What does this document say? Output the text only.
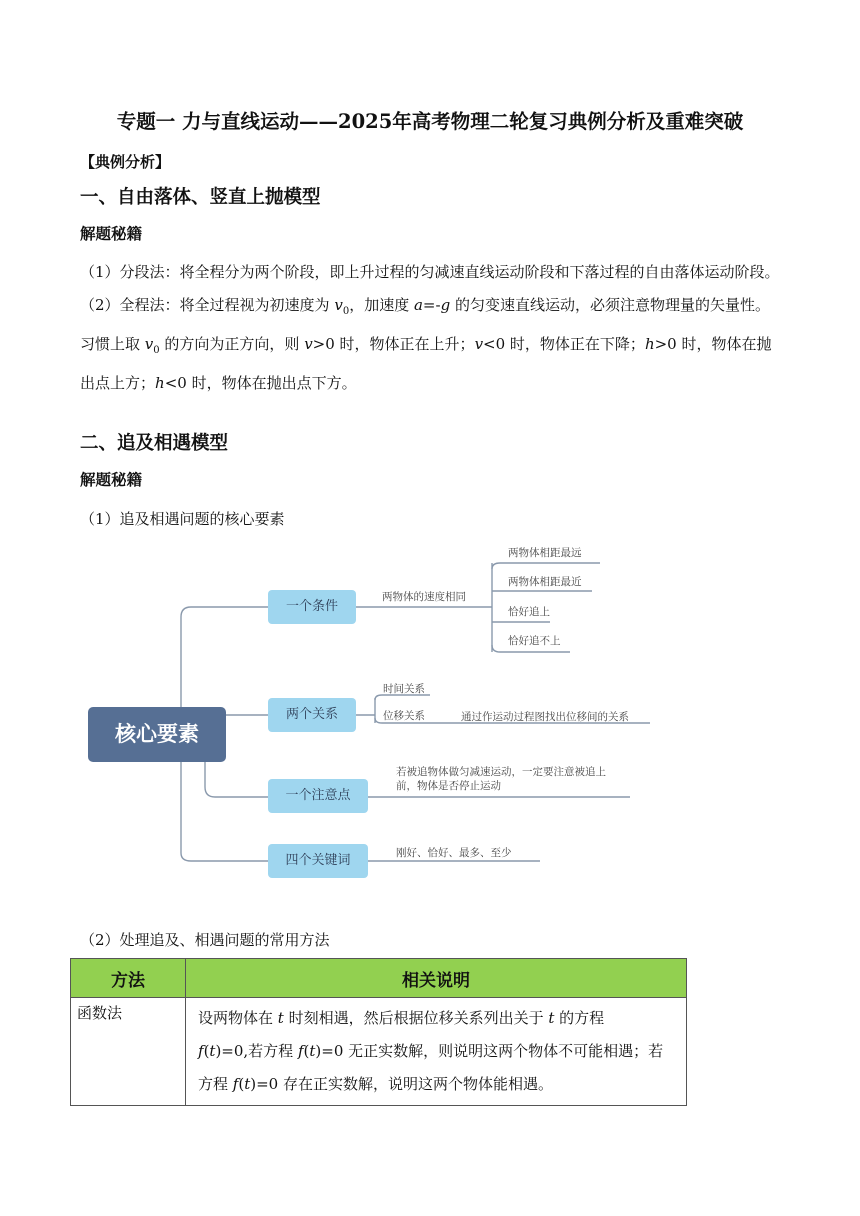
专题一 力与直线运动——2025年高考物理二轮复习典例分析及重难突破
【典例分析】
一、自由落体、竖直上抛模型
解题秘籍

（1）分段法：将全程分为两个阶段，即上升过程的匀减速直线运动阶段和下落过程的自由落体运动阶段。

（2）全程法：将全过程视为初速度为 $v_0$，加速度 a=-g 的匀变速直线运动，必须注意物理量的矢量性。习惯上取 $v_0$ 的方向为正方向，则 v>0 时，物体正在上升；v<0 时，物体正在下降；h>0 时，物体在抛出点上方；h<0 时，物体在抛出点下方。

二、追及相遇模型
解题秘籍
（1）追及相遇问题的核心要素
核心要素
一个条件
两物体的速度相同
两物体相距最远
两物体相距最近
恰好追上
恰好追不上
两个关系
时间关系
位移关系	通过作运动过程图找出位移间的关系
一个注意点
若被追物体做匀减速运动，一定要注意被追上
前，物体是否停止运动
四个关键词	刚好、恰好、最多、至少
（2）处理追及、相遇问题的常用方法
方法	相关说明
函数法	设两物体在 t 时刻相遇，然后根据位移关系列出关于 t 的方程
f(t)=0,若方程 f(t)=0 无正实数解，则说明这两个物体不可能相遇；若方程 f(t)=0 存在正实数解，说明这两个物体能相遇。
